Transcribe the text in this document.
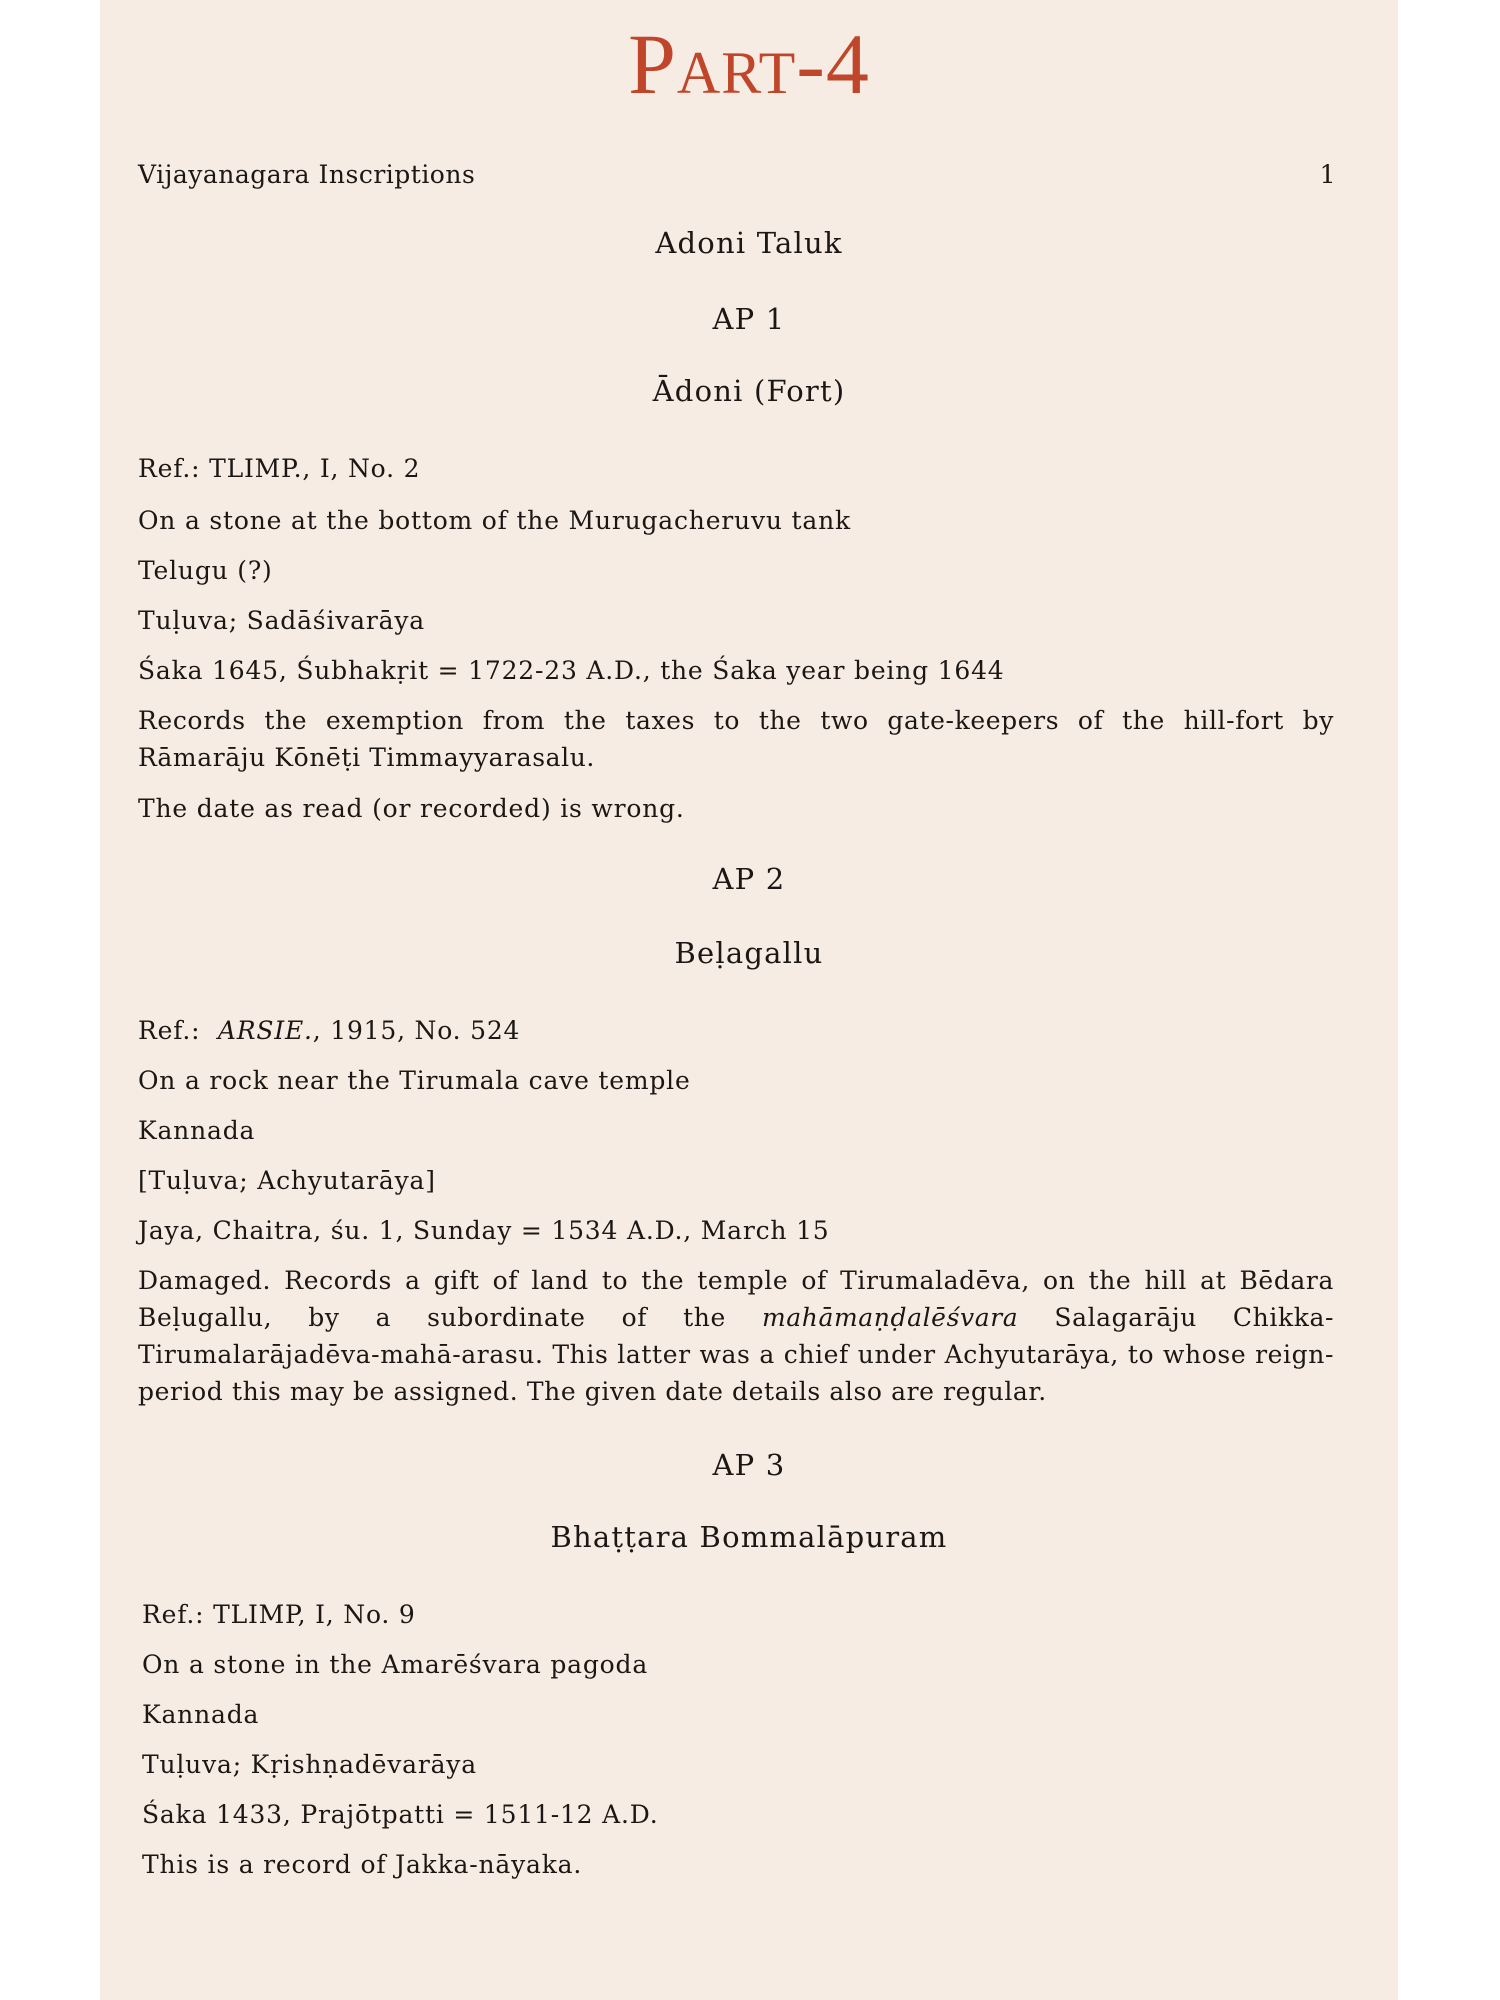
Part-4
Vijayanagara Inscriptions	1

Adoni Taluk

AP 1

Ādoni (Fort)

Ref.: TLIMP., I, No. 2

On a stone at the bottom of the Murugacheruvu tank

Telugu (?)

Tuḷuva; Sadāśivarāya

Śaka 1645, Śubhakṛit = 1722-23 A.D., the Śaka year being 1644

Records the exemption from the taxes to the two gate-keepers of the hill-fort by Rāmarāju Kōnēṭi Timmayyarasalu.

The date as read (or recorded) is wrong.

AP 2

Beḷagallu

Ref.: ARSIE., 1915, No. 524

On a rock near the Tirumala cave temple

Kannada

[Tuḷuva; Achyutarāya]

Jaya, Chaitra, śu. 1, Sunday = 1534 A.D., March 15

Damaged. Records a gift of land to the temple of Tirumaladēva, on the hill at Bēdara Beḷugallu, by a subordinate of the mahāmaṇḍalēśvara Salagarāju Chikka-Tirumalarājadēva-mahā-arasu. This latter was a chief under Achyutarāya, to whose reign-period this may be assigned. The given date details also are regular.

AP 3

Bhaṭṭara Bommalāpuram

Ref.: TLIMP, I, No. 9

On a stone in the Amarēśvara pagoda

Kannada

Tuḷuva; Kṛishṇadēvarāya

Śaka 1433, Prajōtpatti = 1511-12 A.D.

This is a record of Jakka-nāyaka.
